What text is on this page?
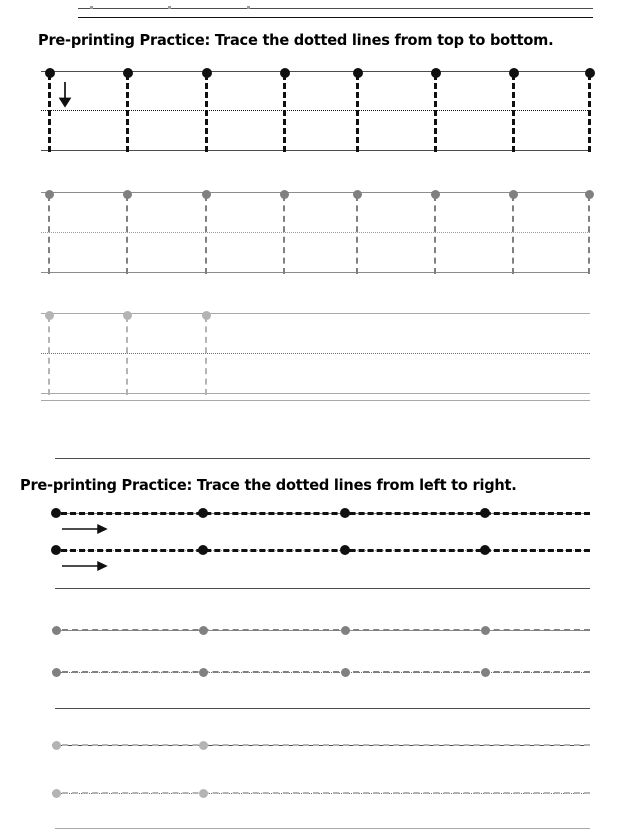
Pre-printing Practice: Trace the dotted lines from top to bottom.
Pre-printing Practice: Trace the dotted lines from left to right.
